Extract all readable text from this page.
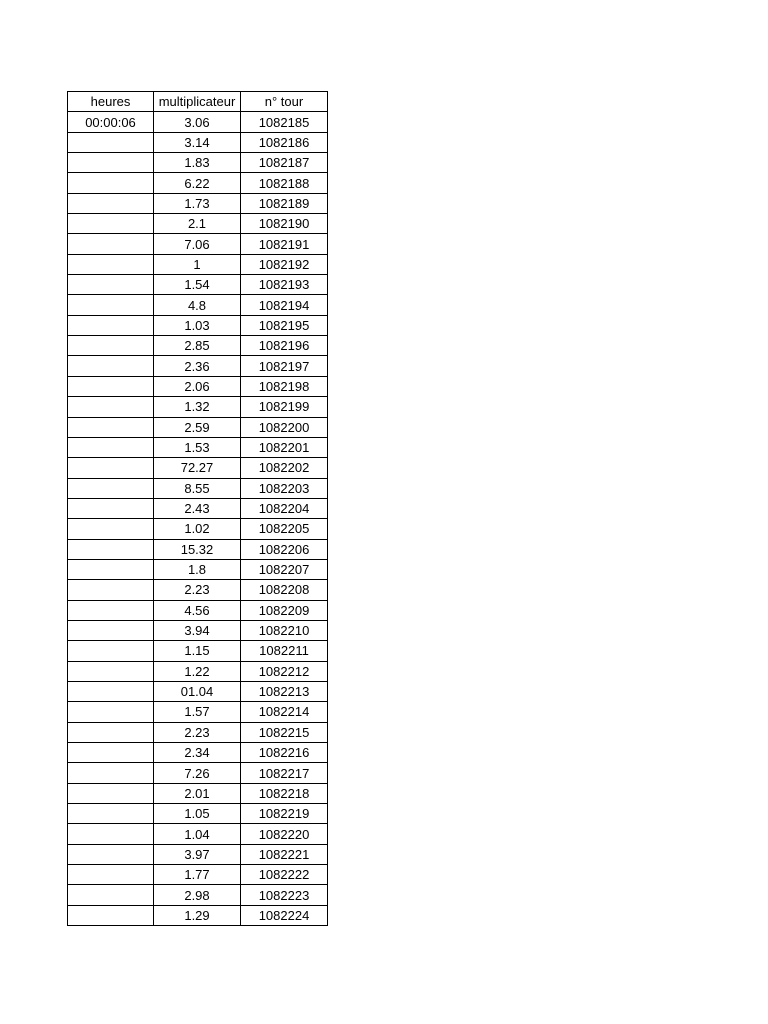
heures	multiplicateur	n° tour
00:00:06	3.06	1082185
	3.14	1082186
	1.83	1082187
	6.22	1082188
	1.73	1082189
	2.1	1082190
	7.06	1082191
	1	1082192
	1.54	1082193
	4.8	1082194
	1.03	1082195
	2.85	1082196
	2.36	1082197
	2.06	1082198
	1.32	1082199
	2.59	1082200
	1.53	1082201
	72.27	1082202
	8.55	1082203
	2.43	1082204
	1.02	1082205
	15.32	1082206
	1.8	1082207
	2.23	1082208
	4.56	1082209
	3.94	1082210
	1.15	1082211
	1.22	1082212
	01.04	1082213
	1.57	1082214
	2.23	1082215
	2.34	1082216
	7.26	1082217
	2.01	1082218
	1.05	1082219
	1.04	1082220
	3.97	1082221
	1.77	1082222
	2.98	1082223
	1.29	1082224
